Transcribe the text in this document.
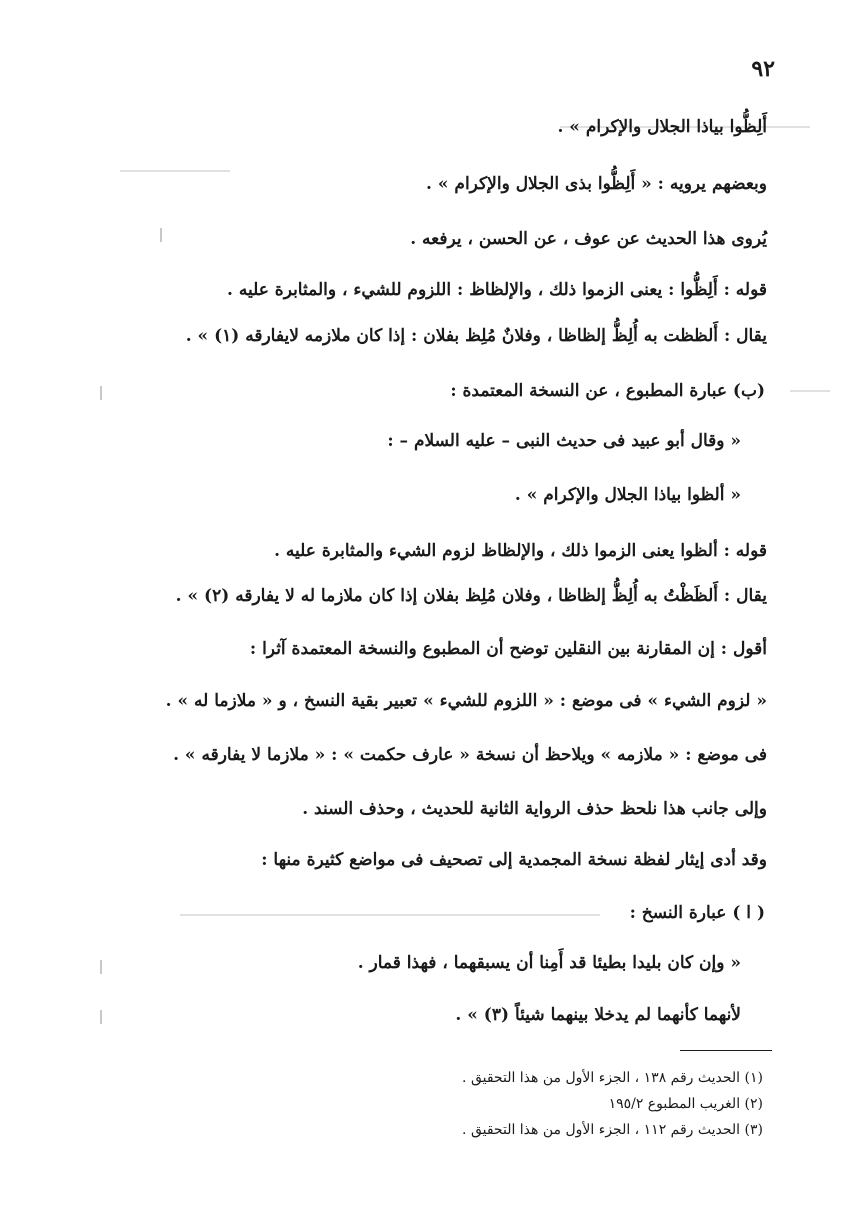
٩٢
أَلِظُّوا بياذا الجلال والإكرام » .
وبعضهم يرويه : « أَلِظُّوا بذى الجلال والإكرام » .
يُروى هذا الحديث عن عوف ، عن الحسن ، يرفعه .
قوله : أَلِظُّوا : يعنى الزموا ذلك ، والإلظاظ : اللزوم للشيء ، والمثابرة عليه .
يقال : أَلظظت به أُلِظُّ إلظاظا ، وفلانٌ مُلِظ بفلان : إذا كان ملازمه لايفارقه (١) » .
(ب) عبارة المطبوع ، عن النسخة المعتمدة :
« وقال أبو عبيد فى حديث النبى – عليه السلام – :
« ألظوا بياذا الجلال والإكرام » .
قوله : ألظوا يعنى الزموا ذلك ، والإلظاظ لزوم الشيء والمثابرة عليه .
يقال : أَلظَظْتُ به أُلِظُّ إلظاظا ، وفلان مُلِظ بفلان إذا كان ملازما له لا يفارقه (٢) » .
أقول : إن المقارنة بين النقلين توضح أن المطبوع والنسخة المعتمدة آثرا :
« لزوم الشيء » فى موضع : « اللزوم للشيء » تعبير بقية النسخ ، و « ملازما له » .
فى موضع : « ملازمه » ويلاحظ أن نسخة « عارف حكمت » : « ملازما لا يفارقه » .
وإلى جانب هذا نلحظ حذف الرواية الثانية للحديث ، وحذف السند .
وقد أدى إيثار لفظة نسخة المجمدية إلى تصحيف فى مواضع كثيرة منها :
( ا ) عبارة النسخ :
« وإن كان بليدا بطيئا قد أَمِنا أن يسبقهما ، فهذا قمار .
لأنهما كأنهما لم يدخلا بينهما شيئاً (٣) » .
(١) الحديث رقم ١٣٨ ، الجزء الأول من هذا التحقيق .
(٢) الغريب المطبوع ١٩٥/٢
(٣) الحديث رقم ١١٢ ، الجزء الأول من هذا التحقيق .
